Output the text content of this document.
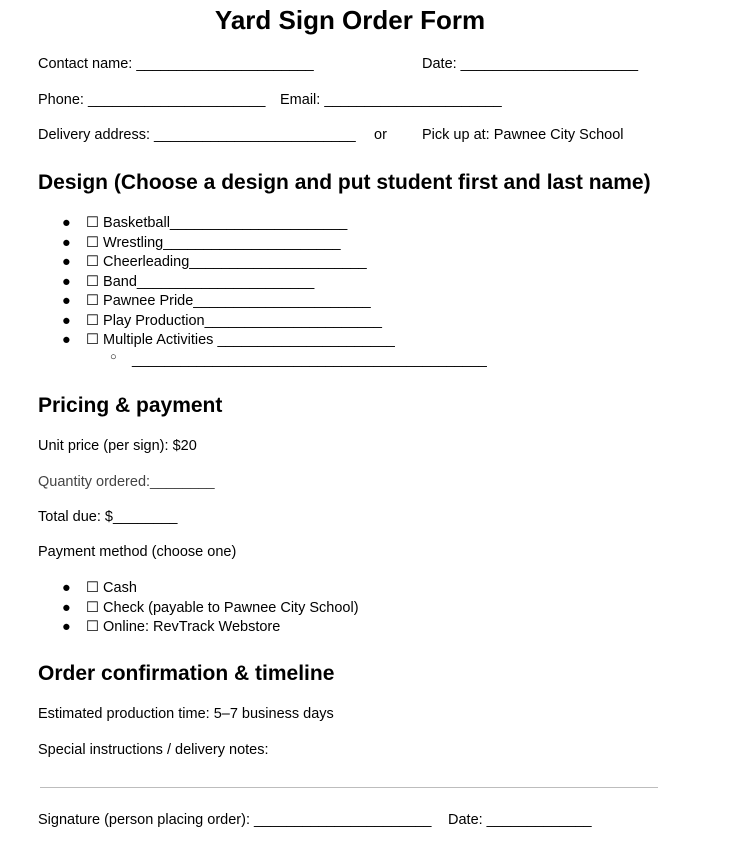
Yard Sign Order Form
Contact name: ______________________	Date: ______________________
Phone: ______________________ Email: ______________________
Delivery address: _________________________ or Pick up at: Pawnee City School
Design (Choose a design and put student first and last name)

●

☐ Basketball______________________

●

☐ Wrestling______________________

●

☐ Cheerleading______________________

●

☐ Band______________________

●

☐ Pawnee Pride______________________

●

☐ Play Production______________________

●

☐ Multiple Activities ______________________

○

____________________________________________

Pricing & payment
Unit price (per sign): $20
Quantity ordered:________
Total due: $________
Payment method (choose one)

●

☐ Cash

●

☐ Check (payable to Pawnee City School)

●

☐ Online: RevTrack Webstore

Order confirmation & timeline
Estimated production time: 5–7 business days
Special instructions / delivery notes:
Signature (person placing order): ______________________ Date: _____________
